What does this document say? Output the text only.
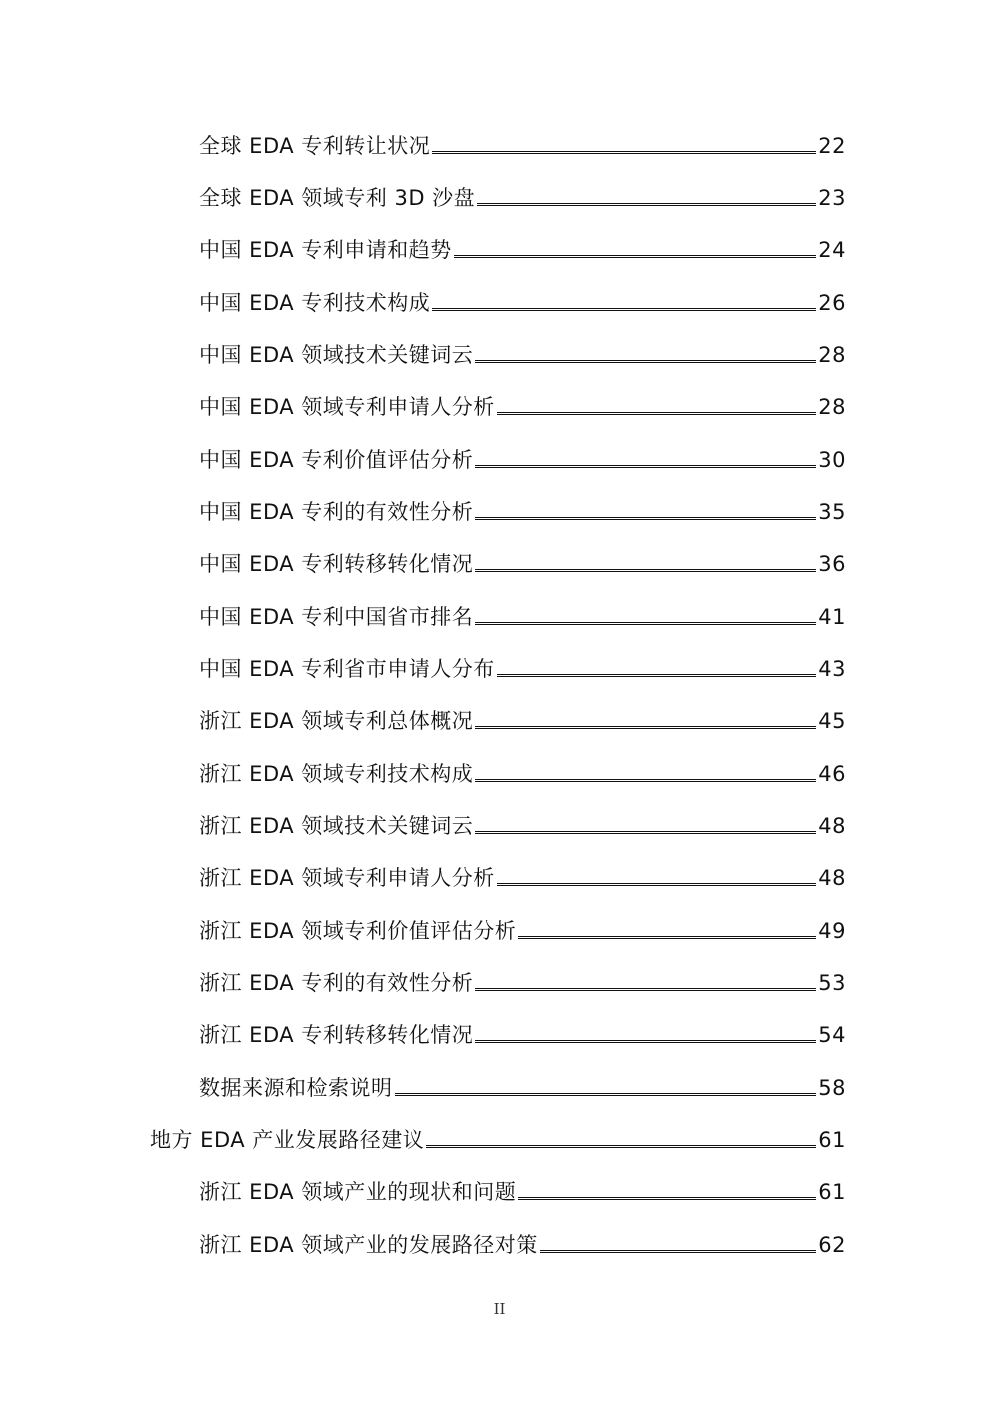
全球 EDA 专利转让状况	22
全球 EDA 领域专利 3D 沙盘	23
中国 EDA 专利申请和趋势	24
中国 EDA 专利技术构成	26
中国 EDA 领域技术关键词云	28
中国 EDA 领域专利申请人分析	28
中国 EDA 专利价值评估分析	30
中国 EDA 专利的有效性分析	35
中国 EDA 专利转移转化情况	36
中国 EDA 专利中国省市排名	41
中国 EDA 专利省市申请人分布	43
浙江 EDA 领域专利总体概况	45
浙江 EDA 领域专利技术构成	46
浙江 EDA 领域技术关键词云	48
浙江 EDA 领域专利申请人分析	48
浙江 EDA 领域专利价值评估分析	49
浙江 EDA 专利的有效性分析	53
浙江 EDA 专利转移转化情况	54
数据来源和检索说明	58
地方 EDA 产业发展路径建议	61
浙江 EDA 领域产业的现状和问题	61
浙江 EDA 领域产业的发展路径对策	62
II
